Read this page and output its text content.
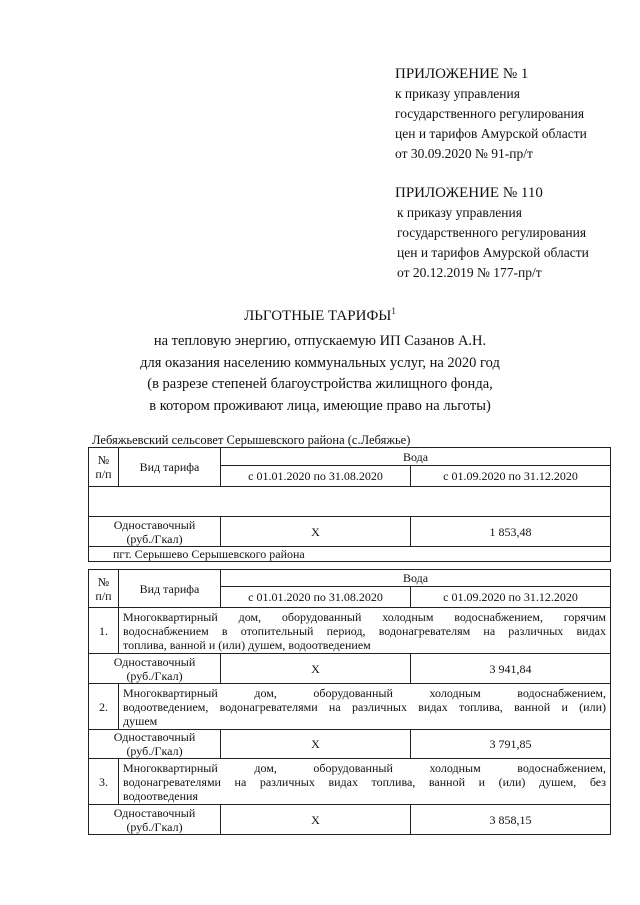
ПРИЛОЖЕНИЕ № 1
к приказу управления
государственного регулирования
цен и тарифов Амурской области
от 30.09.2020 № 91-пр/т
ПРИЛОЖЕНИЕ № 110
к приказу управления
государственного регулирования
цен и тарифов Амурской области
от 20.12.2019 № 177-пр/т
ЛЬГОТНЫЕ ТАРИФЫ$^1$
на тепловую энергию, отпускаемую ИП Сазанов А.Н.
для оказания населению коммунальных услуг, на 2020 год
(в разрезе степеней благоустройства жилищного фонда,
в котором проживают лица, имеющие право на льготы)
Лебяжьевский сельсовет Серышевского района (с.Лебяжье)
№
п/п	Вид тарифа	Вода	
		с 01.01.2020 по 31.08.2020	с 01.09.2020 по 31.12.2020

Одноставочный
(руб./Гкал)		Х	1 853,48
пгт. Серышево Серышевского района			
№
п/п	Вид тарифа	Вода	
		с 01.01.2020 по 31.08.2020	с 01.09.2020 по 31.12.2020
1.	Многоквартирный дом, оборудованный холодным водоснабжением, горячим
водоснабжением в отопительный период, водонагревателям на различных видах
топлива, ванной и (или) душем, водоотведением		

Одноставочный
(руб./Гкал)		Х	3 941,84
2.	Многоквартирный дом, оборудованный холодным водоснабжением,
водоотведением, водонагревателями на различных видах топлива, ванной и (или)
душем		

Одноставочный
(руб./Гкал)		Х	3 791,85
3.	Многоквартирный дом, оборудованный холодным водоснабжением,
водонагревателями на различных видах топлива, ванной и (или) душем, без
водоотведения		

Одноставочный
(руб./Гкал)		Х	3 858,15
